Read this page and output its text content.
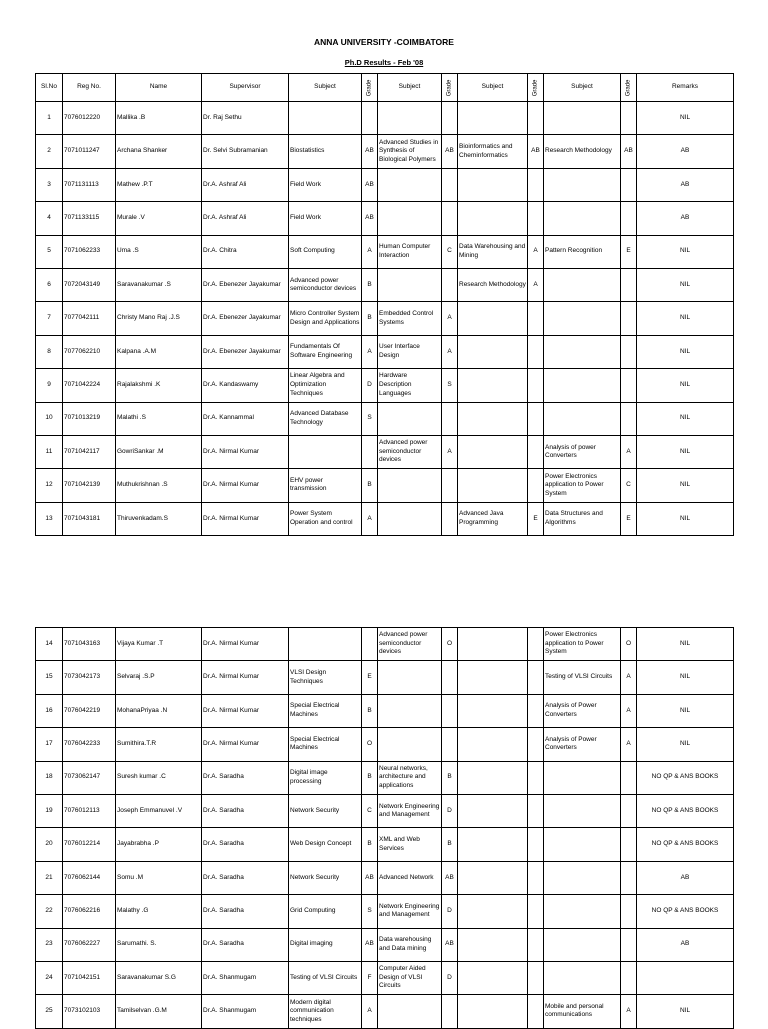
ANNA UNIVERSITY -COIMBATORE
Ph.D Results - Feb '08
Sl.No	Reg No.	Name	Supervisor	Subject	Grade	Subject	Grade	Subject	Grade	Subject	Grade	Remarks

1	7076012220	Mallika .B	Dr. Raj Sethu									NIL

2	7071011247	Archana Shanker	Dr. Selvi Subramanian	Biostatistics	AB	Advanced Studies in Synthesis of Biological Polymers	AB	Bioinformatics and Cheminformatics	AB	Research Methodology	AB	AB

3	7071131113	Mathew .P.T	Dr.A. Ashraf Ali	Field Work	AB							AB

4	7071133115	Murale .V	Dr.A. Ashraf Ali	Field Work	AB							AB

5	7071062233	Uma .S	Dr.A. Chitra	Soft Computing	A	Human Computer Interaction	C	Data Warehousing and Mining	A	Pattern Recognition	E	NIL

6	7072043149	Saravanakumar .S	Dr.A. Ebenezer Jayakumar	Advanced power semiconductor devices	B			Research Methodology	A			NIL

7	7077042111	Christy Mano Raj .J.S	Dr.A. Ebenezer Jayakumar	Micro Controller System Design and Applications	B	Embedded Control Systems	A					NIL

8	7077062210	Kalpana .A.M	Dr.A. Ebenezer Jayakumar	Fundamentals Of Software Engineering	A	User Interface Design	A					NIL

9	7071042224	Rajalakshmi .K	Dr.A. Kandaswamy	Linear Algebra and Optimization Techniques	D	Hardware Description Languages	S					NIL

10	7071013219	Malathi .S	Dr.A. Kannammal	Advanced Database Technology	S							NIL

11	7071042117	GowriSankar .M	Dr.A. Nirmal Kumar			Advanced power semiconductor devices	A			Analysis of power Converters	A	NIL

12	7071042139	Muthukrishnan .S	Dr.A. Nirmal Kumar	EHV power transmission	B					Power Electronics application to Power System	C	NIL

13	7071043181	Thiruvenkadam.S	Dr.A. Nirmal Kumar	Power System Operation and control	A			Advanced Java Programming	E	Data Structures and Algorithms	E	NIL
14	7071043163	Vijaya Kumar .T	Dr.A. Nirmal Kumar			Advanced power semiconductor devices	O			Power Electronics application to Power System	O	NIL

15	7073042173	Selvaraj .S.P	Dr.A. Nirmal Kumar	VLSI Design Techniques	E					Testing of VLSI Circuits	A	NIL

16	7076042219	MohanaPriyaa .N	Dr.A. Nirmal Kumar	Special Electrical Machines	B					Analysis of Power Converters	A	NIL

17	7076042233	Sumithira.T.R	Dr.A. Nirmal Kumar	Special Electrical Machines	O					Analysis of Power Converters	A	NIL

18	7073062147	Suresh kumar .C	Dr.A. Saradha	Digital image processing	B	Neural networks, architecture and applications	B					NO QP & ANS BOOKS

19	7076012113	Joseph Emmanuvel .V	Dr.A. Saradha	Network Security	C	Network Engineering and Management	D					NO QP & ANS BOOKS

20	7076012214	Jayabrabha .P	Dr.A. Saradha	Web Design Concept	B	XML and Web Services	B					NO QP & ANS BOOKS

21	7076062144	Somu .M	Dr.A. Saradha	Network Security	AB	Advanced Network	AB					AB

22	7076062216	Malathy .G	Dr.A. Saradha	Grid Computing	S	Network Engineering and Management	D					NO QP & ANS BOOKS

23	7076062227	Sarumathi. S.	Dr.A. Saradha	Digital imaging	AB	Data warehousing and Data mining	AB					AB

24	7071042151	Saravanakumar S.G	Dr.A. Shanmugam	Testing of VLSI Circuits	F	Computer Aided Design of VLSI Circuits	D					

25	7073102103	Tamilselvan .G.M	Dr.A. Shanmugam	Modern digital communication techniques	A					Mobile and personal communications	A	NIL
